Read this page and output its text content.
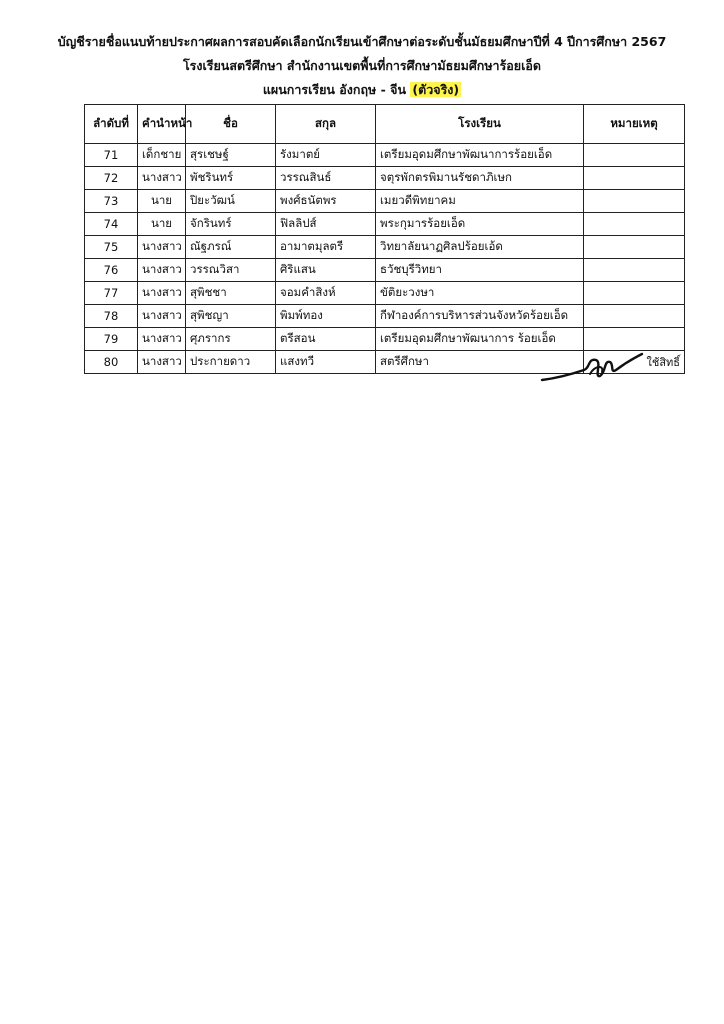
บัญชีรายชื่อแนบท้ายประกาศผลการสอบคัดเลือกนักเรียนเข้าศึกษาต่อระดับชั้นมัธยมศึกษาปีที่ 4 ปีการศึกษา 2567
โรงเรียนสตรีศึกษา สำนักงานเขตพื้นที่การศึกษามัธยมศึกษาร้อยเอ็ด
แผนการเรียน อังกฤษ - จีน (ตัวจริง)
ลำดับที่	คำนำหน้า	ชื่อ	สกุล	โรงเรียน	หมายเหตุ
71	เด็กชาย	สุรเชษฐ์	รังมาตย์	เตรียมอุดมศึกษาพัฒนาการร้อยเอ็ด	
72	นางสาว	พัชรินทร์	วรรณสินธ์	จตุรพักตรพิมานรัชดาภิเษก	
73	นาย	ปิยะวัฒน์	พงศ์ธนัตพร	เมยวดีพิทยาคม	
74	นาย	จักรินทร์	ฟิลลิปส์	พระกุมารร้อยเอ็ด	
75	นางสาว	ณัฐภรณ์	อามาตมุลตรี	วิทยาลัยนาฏศิลปร้อยเอ้ด	
76	นางสาว	วรรณวิสา	ศิริแสน	ธวัชบุรีวิทยา	
77	นางสาว	สุพิชชา	จอมคำสิงห์	ขัติยะวงษา	
78	นางสาว	สุพิชญา	พิมพ์ทอง	กีฬาองค์การบริหารส่วนจังหวัดร้อยเอ็ด	
79	นางสาว	ศุภรากร	ตรีสอน	เตรียมอุดมศึกษาพัฒนาการ ร้อยเอ็ด	
80	นางสาว	ประกายดาว	แสงทวี	สตรีศึกษา	ใช้สิทธิ์
